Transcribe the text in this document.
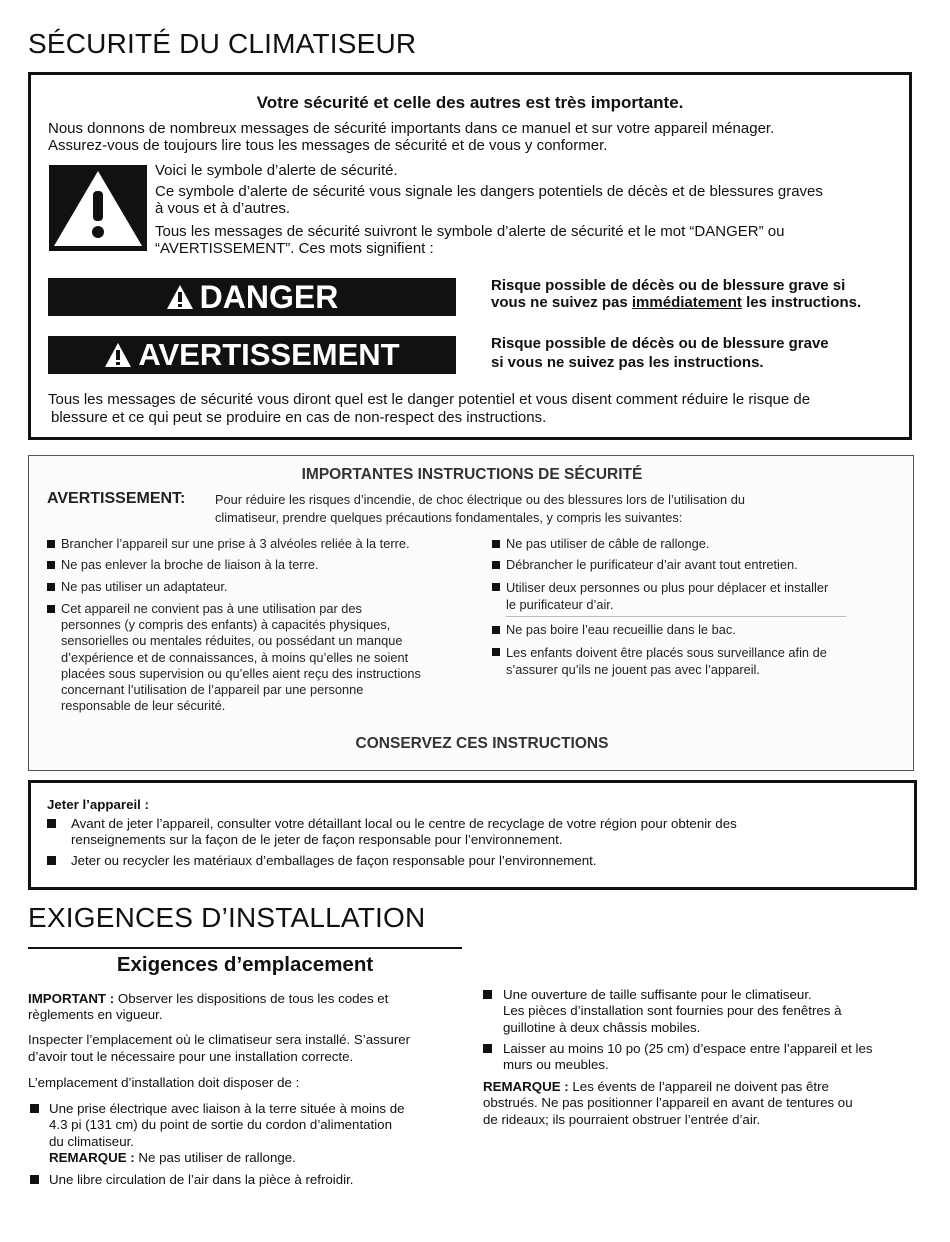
SÉCURITÉ DU CLIMATISEUR
Votre sécurité et celle des autres est très importante.
Nous donnons de nombreux messages de sécurité importants dans ce manuel et sur votre appareil ménager.
Assurez-vous de toujours lire tous les messages de sécurité et de vous y conformer.
Voici le symbole d’alerte de sécurité.
Ce symbole d’alerte de sécurité vous signale les dangers potentiels de décès et de blessures graves
à vous et à d’autres.
Tous les messages de sécurité suivront le symbole d’alerte de sécurité et le mot “DANGER” ou
“AVERTISSEMENT”. Ces mots signifient :
DANGER	Risque possible de décès ou de blessure grave si
vous ne suivez pas immédiatement les instructions.
AVERTISSEMENT	Risque possible de décès ou de blessure grave
si vous ne suivez pas les instructions.
Tous les messages de sécurité vous diront quel est le danger potentiel et vous disent comment réduire le risque de
blessure et ce qui peut se produire en cas de non-respect des instructions.
IMPORTANTES INSTRUCTIONS DE SÉCURITÉ
AVERTISSEMENT: Pour réduire les risques d’incendie, de choc électrique ou des blessures lors de l’utilisation du
climatiseur, prendre quelques précautions fondamentales, y compris les suivantes:
Brancher l’appareil sur une prise à 3 alvéoles reliée à la terre.
Ne pas enlever la broche de liaison à la terre.
Ne pas utiliser un adaptateur.
Cet appareil ne convient pas à une utilisation par des
personnes (y compris des enfants) à capacités physiques,
sensorielles ou mentales réduites, ou possédant un manque
d’expérience et de connaissances, à moins qu’elles ne soient
placées sous supervision ou qu’elles aient reçu des instructions
concernant l’utilisation de l’appareil par une personne
responsable de leur sécurité.
Ne pas utiliser de câble de rallonge.
Débrancher le purificateur d’air avant tout entretien.
Utiliser deux personnes ou plus pour déplacer et installer
le purificateur d’air.
Ne pas boire l’eau recueillie dans le bac.
Les enfants doivent être placés sous surveillance afin de
s’assurer qu’ils ne jouent pas avec l’appareil.
CONSERVEZ CES INSTRUCTIONS
Jeter l’appareil :
Avant de jeter l’appareil, consulter votre détaillant local ou le centre de recyclage de votre région pour obtenir des
renseignements sur la façon de le jeter de façon responsable pour l’environnement.
Jeter ou recycler les matériaux d’emballages de façon responsable pour l’environnement.
EXIGENCES D’INSTALLATION
Exigences d’emplacement
IMPORTANT : Observer les dispositions de tous les codes et
règlements en vigueur.
Inspecter l’emplacement où le climatiseur sera installé. S’assurer
d’avoir tout le nécessaire pour une installation correcte.
L’emplacement d’installation doit disposer de :
Une prise électrique avec liaison à la terre située à moins de
4.3 pi (131 cm) du point de sortie du cordon d’alimentation
du climatiseur.
REMARQUE : Ne pas utiliser de rallonge.
Une libre circulation de l’air dans la pièce à refroidir.
Une ouverture de taille suffisante pour le climatiseur.
Les pièces d’installation sont fournies pour des fenêtres à
guillotine à deux châssis mobiles.
Laisser au moins 10 po (25 cm) d’espace entre l’appareil et les
murs ou meubles.
REMARQUE : Les évents de l’appareil ne doivent pas être
obstrués. Ne pas positionner l’appareil en avant de tentures ou
de rideaux; ils pourraient obstruer l’entrée d’air.
